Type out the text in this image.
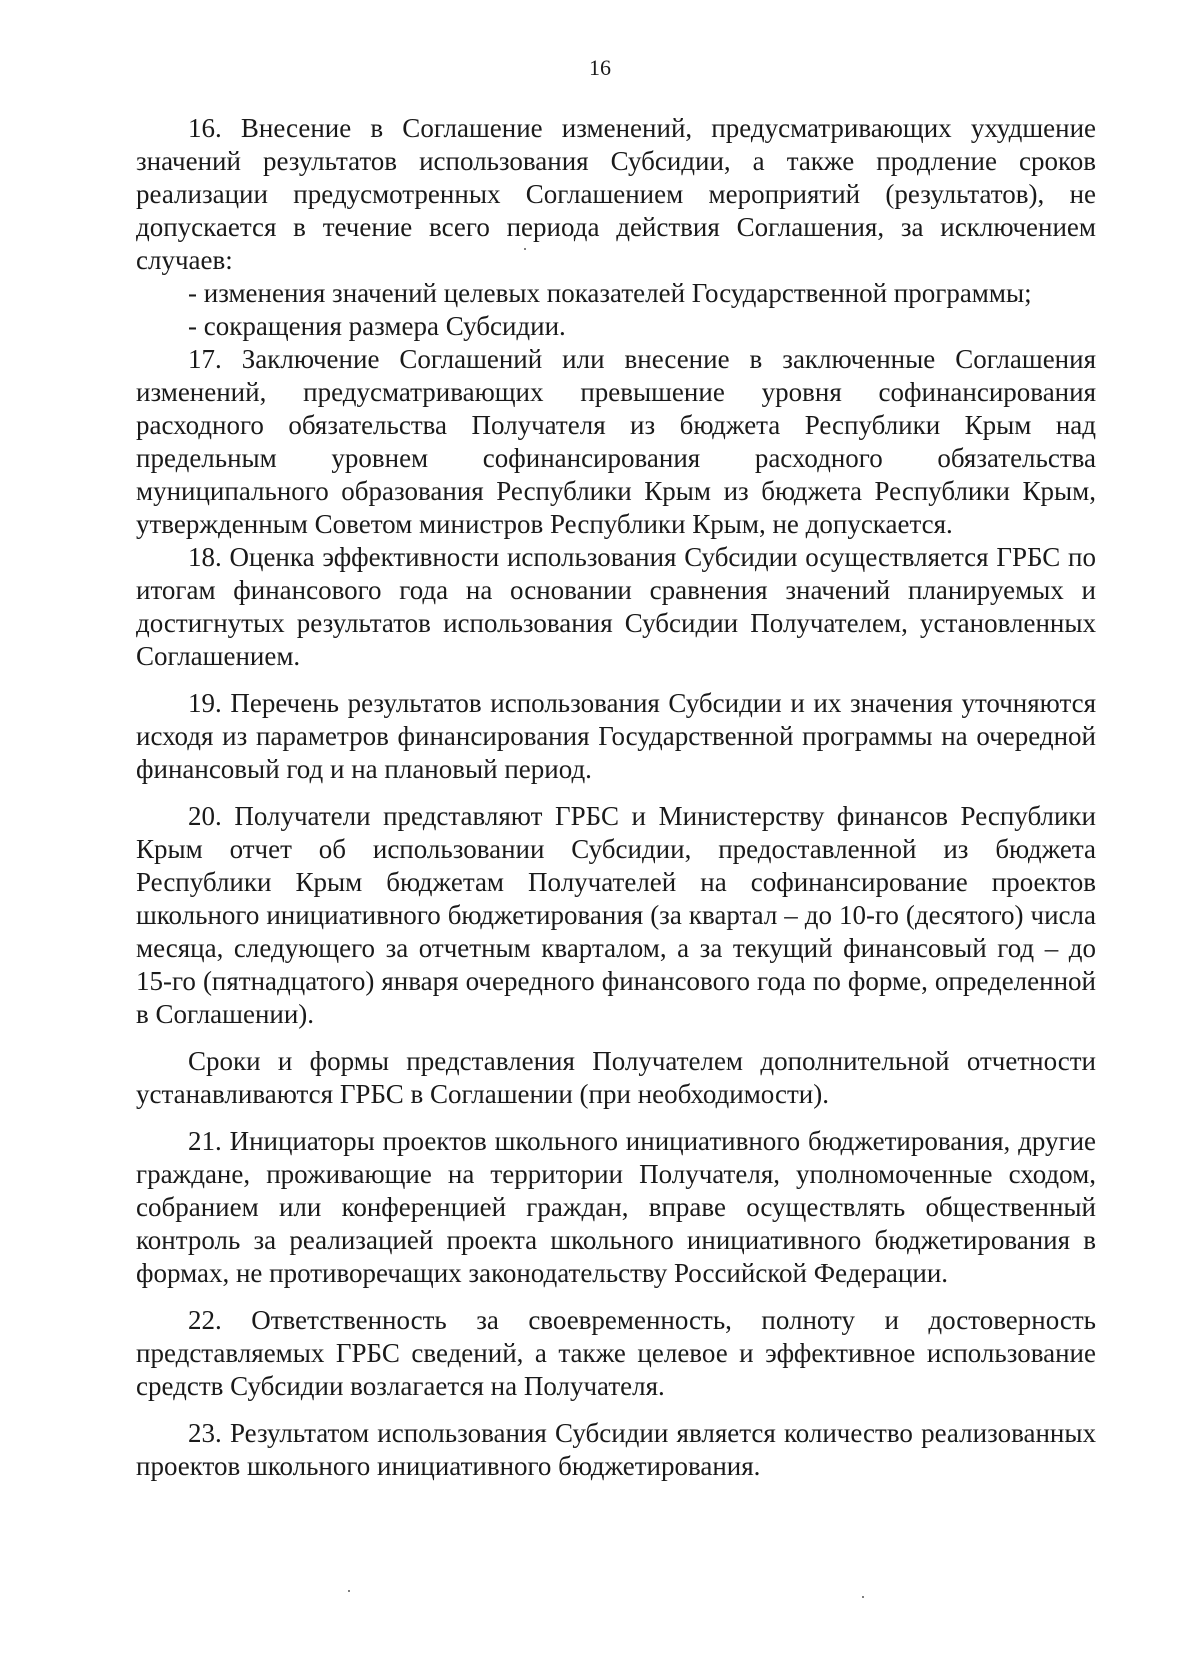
16

16. Внесение в Соглашение изменений, предусматривающих ухудшение значений результатов использования Субсидии, а также продление сроков реализации предусмотренных Соглашением мероприятий (результатов), не допускается в течение всего периода действия Соглашения, за исключением случаев:

- изменения значений целевых показателей Государственной программы;

- сокращения размера Субсидии.

17. Заключение Соглашений или внесение в заключенные Соглашения изменений, предусматривающих превышение уровня софинансирования расходного обязательства Получателя из бюджета Республики Крым над предельным уровнем софинансирования расходного обязательства муниципального образования Республики Крым из бюджета Республики Крым, утвержденным Советом министров Республики Крым, не допускается.

18. Оценка эффективности использования Субсидии осуществляется ГРБС по итогам финансового года на основании сравнения значений планируемых и достигнутых результатов использования Субсидии Получателем, установленных Соглашением.

19. Перечень результатов использования Субсидии и их значения уточняются исходя из параметров финансирования Государственной программы на очередной финансовый год и на плановый период.

20. Получатели представляют ГРБС и Министерству финансов Республики Крым отчет об использовании Субсидии, предоставленной из бюджета Республики Крым бюджетам Получателей на софинансирование проектов школьного инициативного бюджетирования (за квартал – до 10-го (десятого) числа месяца, следующего за отчетным кварталом, а за текущий финансовый год – до 15-го (пятнадцатого) января очередного финансового года по форме, определенной в Соглашении).

Сроки и формы представления Получателем дополнительной отчетности устанавливаются ГРБС в Соглашении (при необходимости).

21. Инициаторы проектов школьного инициативного бюджетирования, другие граждане, проживающие на территории Получателя, уполномоченные сходом, собранием или конференцией граждан, вправе осуществлять общественный контроль за реализацией проекта школьного инициативного бюджетирования в формах, не противоречащих законодательству Российской Федерации.

22. Ответственность за своевременность, полноту и достоверность представляемых ГРБС сведений, а также целевое и эффективное использование средств Субсидии возлагается на Получателя.

23. Результатом использования Субсидии является количество реализованных проектов школьного инициативного бюджетирования.
